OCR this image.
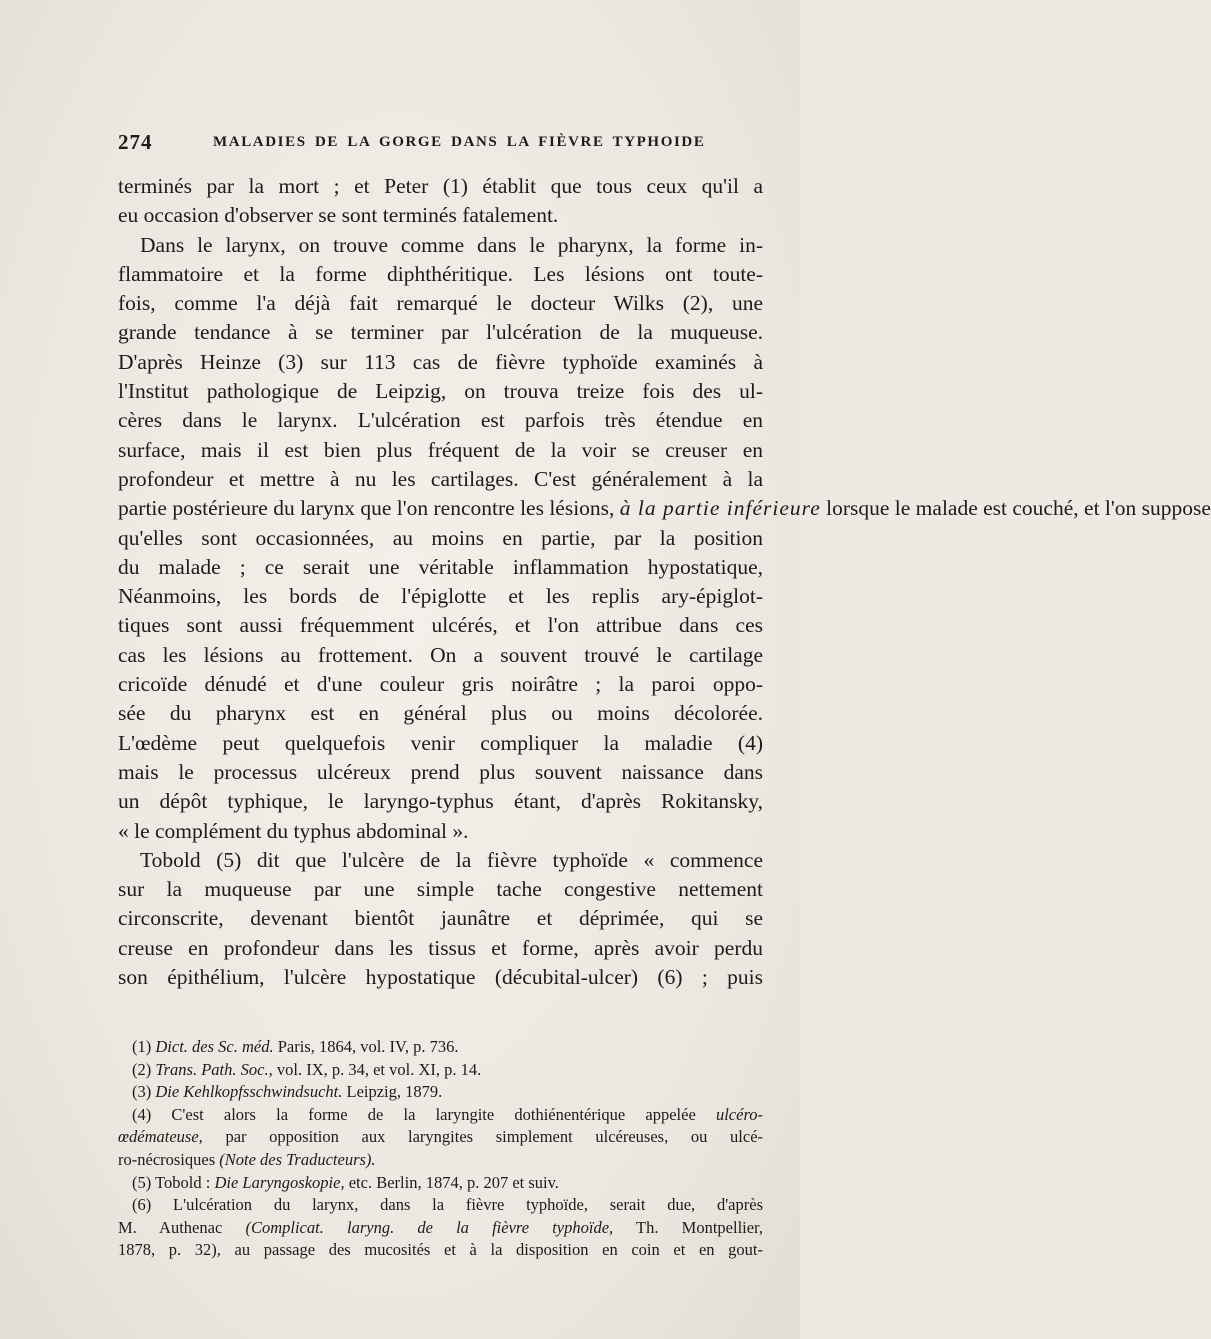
274	MALADIES DE LA GORGE DANS LA FIÈVRE TYPHOIDE
terminés par la mort ; et Peter (1) établit que tous ceux qu'il a
eu occasion d'observer se sont terminés fatalement.
Dans le larynx, on trouve comme dans le pharynx, la forme in-
flammatoire et la forme diphthéritique. Les lésions ont toute-
fois, comme l'a déjà fait remarqué le docteur Wilks (2), une
grande tendance à se terminer par l'ulcération de la muqueuse.
D'après Heinze (3) sur 113 cas de fièvre typhoïde examinés à
l'Institut pathologique de Leipzig, on trouva treize fois des ul-
cères dans le larynx. L'ulcération est parfois très étendue en
surface, mais il est bien plus fréquent de la voir se creuser en
profondeur et mettre à nu les cartilages. C'est généralement à la
partie postérieure du larynx que l'on rencontre les lésions, à la partie inférieure lorsque le malade est couché, et l'on suppose
qu'elles sont occasionnées, au moins en partie, par la position
du malade ; ce serait une véritable inflammation hypostatique,
Néanmoins, les bords de l'épiglotte et les replis ary-épiglot-
tiques sont aussi fréquemment ulcérés, et l'on attribue dans ces
cas les lésions au frottement. On a souvent trouvé le cartilage
cricoïde dénudé et d'une couleur gris noirâtre ; la paroi oppo-
sée du pharynx est en général plus ou moins décolorée.
L'œdème peut quelquefois venir compliquer la maladie (4)
mais le processus ulcéreux prend plus souvent naissance dans
un dépôt typhique, le laryngo-typhus étant, d'après Rokitansky,
« le complément du typhus abdominal ».
Tobold (5) dit que l'ulcère de la fièvre typhoïde « commence
sur la muqueuse par une simple tache congestive nettement
circonscrite, devenant bientôt jaunâtre et déprimée, qui se
creuse en profondeur dans les tissus et forme, après avoir perdu
son épithélium, l'ulcère hypostatique (décubital-ulcer) (6) ; puis
(1) Dict. des Sc. méd. Paris, 1864, vol. IV, p. 736.
(2) Trans. Path. Soc., vol. IX, p. 34, et vol. XI, p. 14.
(3) Die Kehlkopfsschwindsucht. Leipzig, 1879.
(4) C'est alors la forme de la laryngite dothiénentérique appelée ulcéro-
œdémateuse, par opposition aux laryngites simplement ulcéreuses, ou ulcé-
ro-nécrosiques (Note des Traducteurs).
(5) Tobold : Die Laryngoskopie, etc. Berlin, 1874, p. 207 et suiv.
(6) L'ulcération du larynx, dans la fièvre typhoïde, serait due, d'après
M. Authenac (Complicat. laryng. de la fièvre typhoïde, Th. Montpellier,
1878, p. 32), au passage des mucosités et à la disposition en coin et en gout-
